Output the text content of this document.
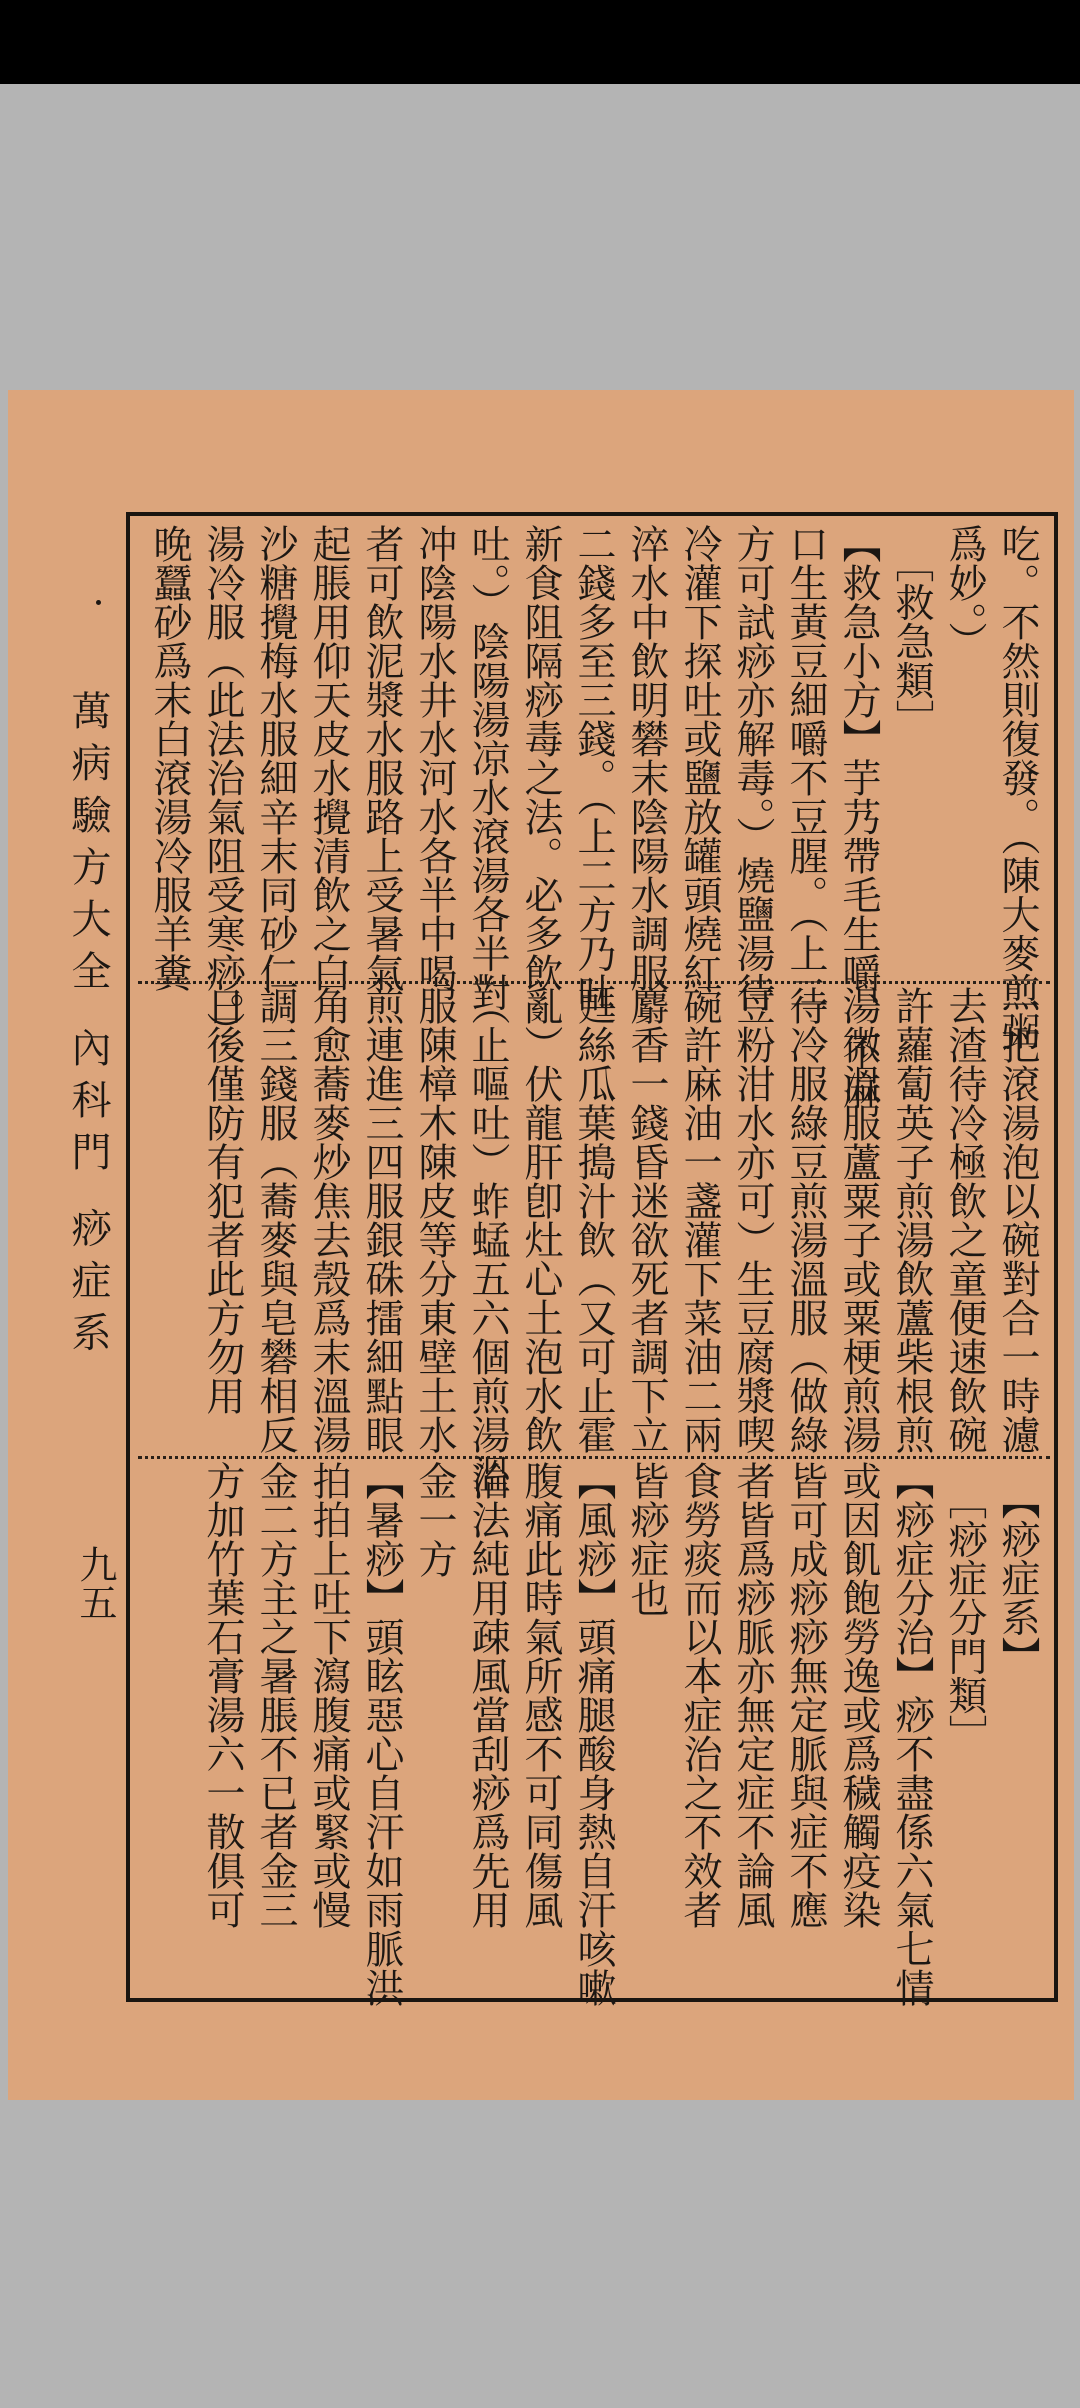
萬病驗方大全 內科門 痧症系
九五
吃。不然則復發。（陳大麥煎粥
爲妙。）
　［救急類］
【救急小方】芋艿帶毛生嚼、不麻
口生黃豆細嚼不豆腥。（上二
方可試痧亦解毒。）燒鹽湯待
冷灌下探吐或鹽放罐頭燒紅
淬水中飲明礬末陰陽水調服
二錢多至三錢。（上二方乃吐
新食阻隔痧毒之法。必多飲
吐。）陰陽湯凉水滾湯各半對
冲陰陽水井水河水各半中喝
者可飲泥漿水服路上受暑氣
起脹用仰天皮水攪清飲之白
沙糖攪梅水服細辛末同砂仁
湯冷服（此法治氣阻受寒痧。）
晚蠶砂爲末白滾湯冷服羊糞
一把滾湯泡以碗對合一時濾
去渣待冷極飲之童便速飲碗
許蘿蔔英子煎湯飲蘆柴根煎
湯微溫服蘆粟子或粟梗煎湯
待冷服綠豆煎湯溫服（做綠
豆粉泔水亦可）生豆腐漿喫
碗許麻油一盞灌下菜油二兩
麝香一錢昏迷欲死者調下立
甦絲瓜葉搗汁飲（又可止霍
亂）伏龍肝卽灶心土泡水飲
（止嘔吐）蚱蜢五六個煎湯溫
服陳樟木陳皮等分東壁土水
煎連進三四服銀硃擂細點眼
角愈蕎麥炒焦去殼爲末溫湯
調三錢服（蕎麥與皂礬相反
日後僅防有犯者此方勿用
　【痧症系】
　［痧症分門類］
【痧症分治】痧不盡係六氣七情
或因飢飽勞逸或爲穢觸疫染
皆可成痧痧無定脈與症不應
者皆爲痧脈亦無定症不論風
食勞痰而以本症治之不效者
皆痧症也
【風痧】頭痛腿酸身熱自汗咳嗽
腹痛此時氣所感不可同傷風
治法純用疎風當刮痧爲先用
金一方
【暑痧】頭眩惡心自汗如雨脈洪
拍拍上吐下瀉腹痛或緊或慢
金二方主之暑脹不已者金三
方加竹葉石膏湯六一散俱可
